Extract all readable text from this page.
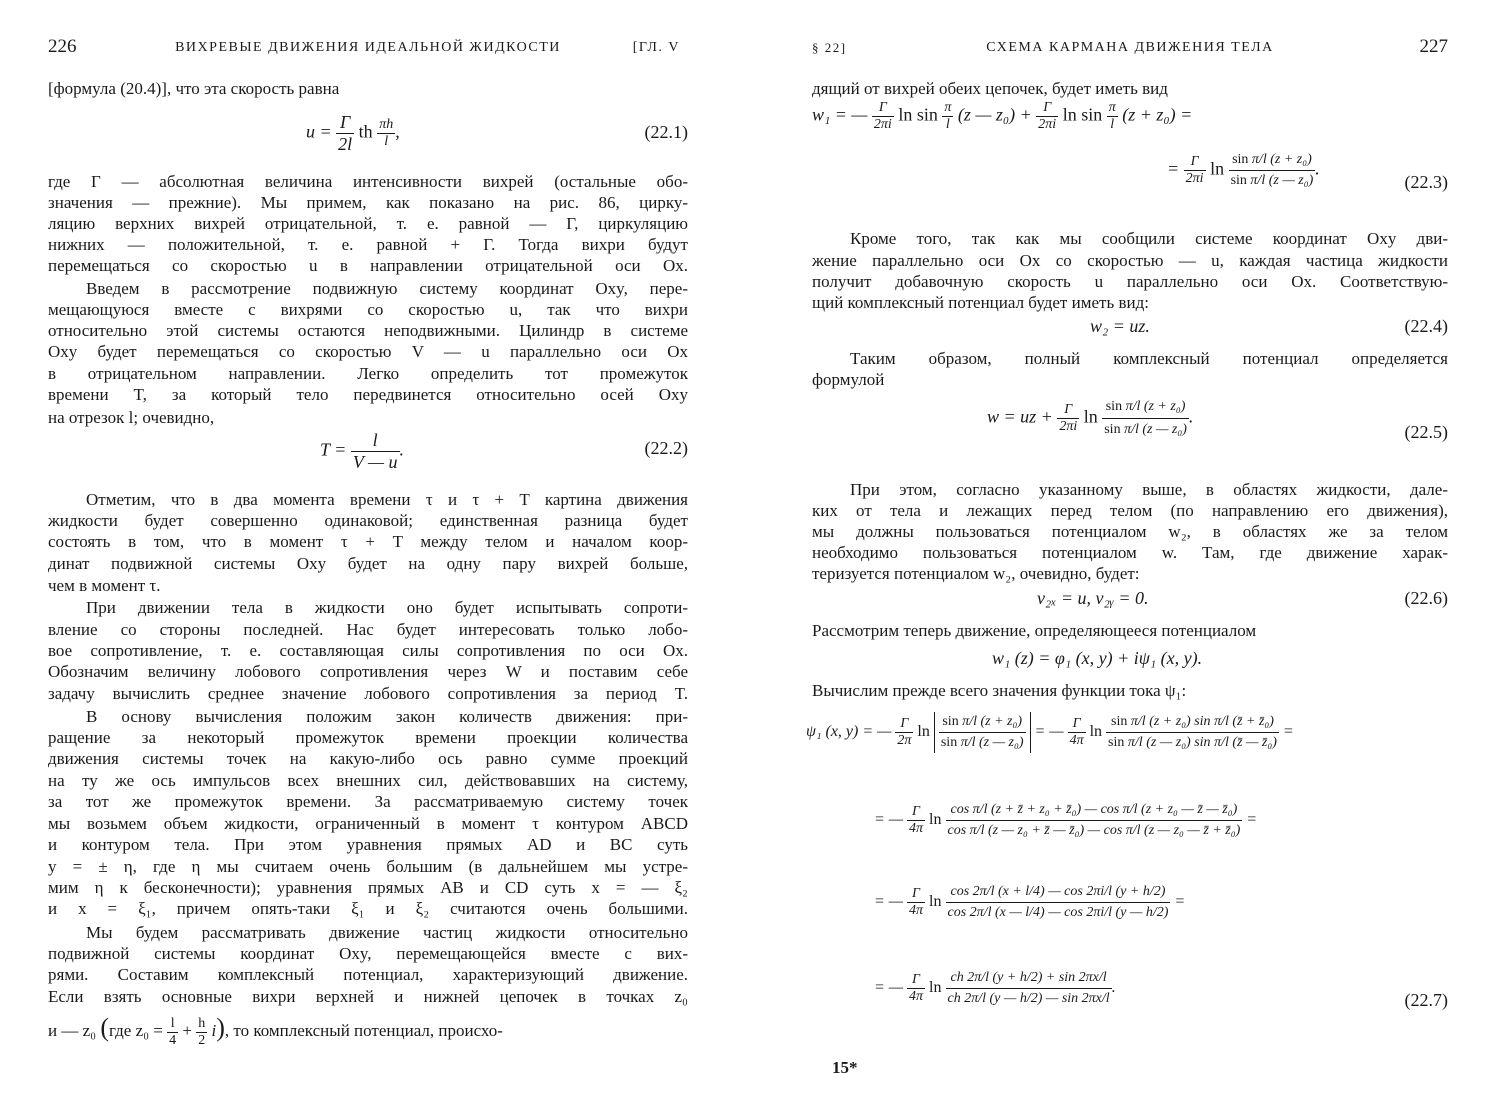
226	ВИХРЕВЫЕ ДВИЖЕНИЯ ИДЕАЛЬНОЙ ЖИДКОСТИ	[ГЛ. V
[формула (20.4)], что эта скорость равна
u = Г
2l
th $\frac{\pi h}{l}$ ,	(22.1)
где Г — абсолютная величина интенсивности вихрей (остальные обо-
значения — прежние). Мы примем, как показано на рис. 86, цирку-
ляцию верхних вихрей отрицательной, т. е. равной — Г, циркуляцию
нижних — положительной, т. е. равной + Г. Тогда вихри будут
перемещаться со скоростью u в направлении отрицательной оси Ox.
Введем в рассмотрение подвижную систему координат Oxy, пере-
мещающуюся вместе с вихрями со скоростью u, так что вихри
относительно этой системы остаются неподвижными. Цилиндр в системе
Oxy будет перемещаться со скоростью V — u параллельно оси Ox
в отрицательном направлении. Легко определить тот промежуток
времени T, за который тело передвинется относительно осей Oxy
на отрезок l; очевидно,
$T = \frac{l}{V — u}$ .	(22.2)
Отметим, что в два момента времени τ и τ + T картина движения
жидкости будет совершенно одинаковой; единственная разница будет
состоять в том, что в момент τ + T между телом и началом коор-
динат подвижной системы Oxy будет на одну пару вихрей больше,
чем в момент τ.
При движении тела в жидкости оно будет испытывать сопроти-
вление со стороны последней. Нас будет интересовать только лобо-
вое сопротивление, т. е. составляющая силы сопротивления по оси Ox.
Обозначим величину лобового сопротивления через W и поставим себе
задачу вычислить среднее значение лобового сопротивления за период T.
В основу вычисления положим закон количеств движения: при-
ращение за некоторый промежуток времени проекции количества
движения системы точек на какую-либо ось равно сумме проекций
на ту же ось импульсов всех внешних сил, действовавших на систему,
за тот же промежуток времени. За рассматриваемую систему точек
мы возьмем объем жидкости, ограниченный в момент τ контуром ABCD
и контуром тела. При этом уравнения прямых AD и BC суть
y = ± η, где η мы считаем очень большим (в дальнейшем мы устре-
мим η к бесконечности); уравнения прямых AB и CD суть x = — ξ₂
и x = ξ₁, причем опять-таки ξ₁ и ξ₂ считаются очень большими.
Мы будем рассматривать движение частиц жидкости относительно
подвижной системы координат Oxy, перемещающейся вместе с вих-
рями. Составим комплексный потенциал, характеризующий движение.
Если взять основные вихри верхней и нижней цепочек в точках z₀
и — z₀ (где $z_0 = \frac{l}{4} + \frac{h}{2} i$), то комплексный потенциал, происхо-
§ 22]	СХЕМА КАРМАНА ДВИЖЕНИЯ ТЕЛА	227
дящий от вихрей обеих цепочек, будет иметь вид
w₁ = — Г
2πi $\ln \sin \frac{\pi}{l} (z$ — z₀) + Г
2πi $\ln \sin \frac{\pi}{l} (z + z_0)$ =
= Г
2πi $\ln \frac{\text{sin π/l (z + z₀)}}{\text{sin π/l (z — z₀)}}$ .
(22.3)
Кроме того, так как мы сообщили системе координат Oxy дви-
жение параллельно оси Ox со скоростью — u, каждая частица жидкости
получит добавочную скорость u параллельно оси Ox. Соответствую-
щий комплексный потенциал будет иметь вид:
w₂ = uz.	(22.4)
Таким образом, полный комплексный потенциал определяется
формулой
w = uz + Г
2πi $\ln \frac{\text{sin π/l (z + z₀)}}{\text{sin π/l (z — z₀)}}$ .
(22.5)
При этом, согласно указанному выше, в областях жидкости, дале-
ких от тела и лежащих перед телом (по направлению его движения),
мы должны пользоваться потенциалом w₂, в областях же за телом
необходимо пользоваться потенциалом w. Там, где движение харак-
теризуется потенциалом w₂, очевидно, будет:
v₂ₓ = u, v₂ᵧ = 0.	(22.6)
Рассмотрим теперь движение, определяющееся потенциалом
w₁ (z) = φ₁ (x, y) + iψ₁ (x, y).
Вычислим прежде всего значения функции тока ψ₁:
ψ₁ (x, y) = — Г
2π
$\ln \frac{\text{sin π/l (z + z₀)}}{\text{sin π/l (z — z₀)}}$ = — Г
4π
$\ln \frac{\text{sin π/l (z + z₀) sin π/l (z̄ + z̄₀)}}{\text{sin π/l (z — z₀) sin π/l (z̄ — z̄₀)}}$ =
= — Г
4π
$\ln \frac{\text{cos π/l (z + z̄ + z₀ + z̄₀) — cos π/l (z + z₀ — z̄ — z̄₀)}}{\text{cos π/l (z — z₀ + z̄ — z̄₀) — cos π/l (z — z₀ — z̄ + z̄₀)}}$ =
= — Г
4π
$\ln \frac{\cos 2\pi/l (x + l/4) — \cos 2\pi i/l (y + h/2)}{\cos 2\pi/l (x — l/4) — \cos 2\pi i/l (y — h/2)}$ =
= — Г
4π
$\ln \frac{ch 2\pi/l (y + h/2) + \sin 2\pi x/l}{ch 2\pi/l (y — h/2) — \sin 2\pi x/l}$ .
(22.7)
15*
